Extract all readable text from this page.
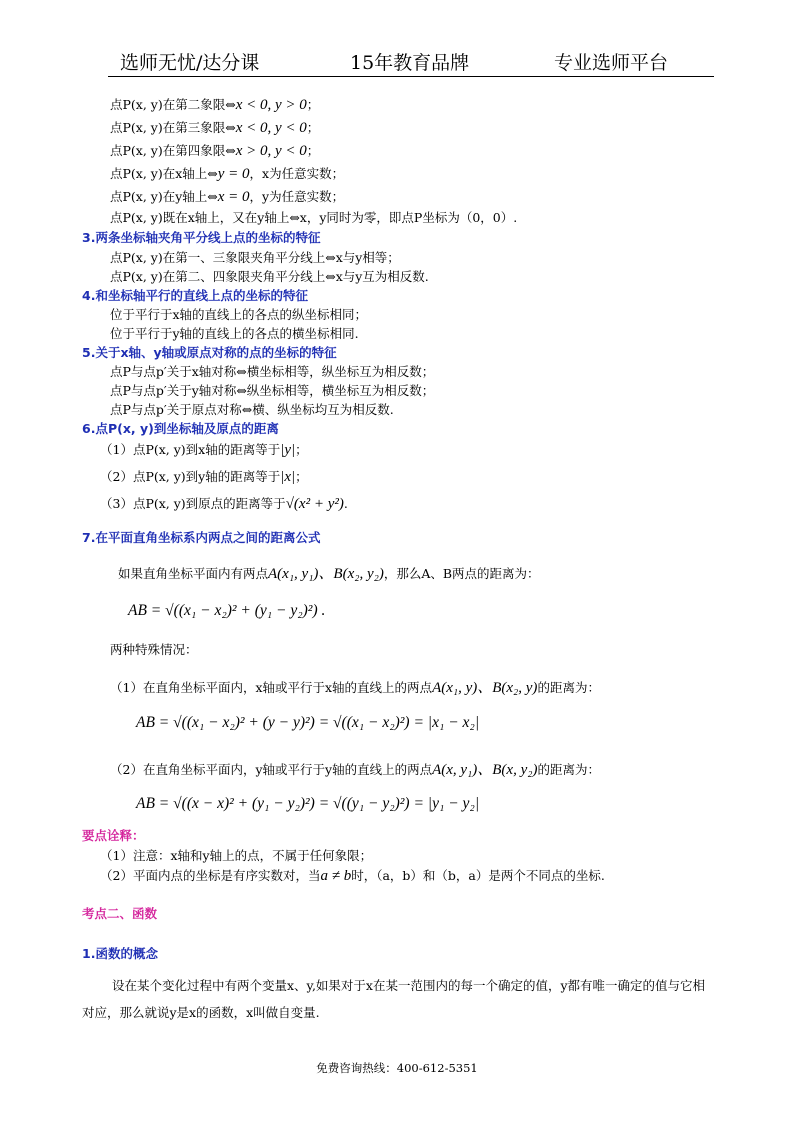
选师无忧/达分课	15年教育品牌	专业选师平台
点P(x, y)在第二象限⇔x < 0, y > 0；
点P(x, y)在第三象限⇔x < 0, y < 0；
点P(x, y)在第四象限⇔x > 0, y < 0；
点P(x, y)在x轴上⇔y = 0，x为任意实数；
点P(x, y)在y轴上⇔x = 0，y为任意实数；
点P(x, y)既在x轴上，又在y轴上⇔x，y同时为零，即点P坐标为（0，0）.
3.两条坐标轴夹角平分线上点的坐标的特征
点P(x, y)在第一、三象限夹角平分线上⇔x与y相等；
点P(x, y)在第二、四象限夹角平分线上⇔x与y互为相反数.
4.和坐标轴平行的直线上点的坐标的特征
位于平行于x轴的直线上的各点的纵坐标相同；
位于平行于y轴的直线上的各点的横坐标相同.
5.关于x轴、y轴或原点对称的点的坐标的特征
点P与点p′关于x轴对称⇔横坐标相等，纵坐标互为相反数；
点P与点p′关于y轴对称⇔纵坐标相等，横坐标互为相反数；
点P与点p′关于原点对称⇔横、纵坐标均互为相反数.
6.点P(x, y)到坐标轴及原点的距离
（1）点P(x, y)到x轴的距离等于|y|；
（2）点P(x, y)到y轴的距离等于|x|；
（3）点P(x, y)到原点的距离等于√(x² + y²).
7.在平面直角坐标系内两点之间的距离公式
如果直角坐标平面内有两点A(x₁, y₁)、B(x₂, y₂)，那么A、B两点的距离为：
AB = √((x₁ − x₂)² + (y₁ − y₂)²) .
两种特殊情况：
（1）在直角坐标平面内，x轴或平行于x轴的直线上的两点A(x₁, y)、B(x₂, y)的距离为：
AB = √((x₁ − x₂)² + (y − y)²) = √((x₁ − x₂)²) = |x₁ − x₂|
（2）在直角坐标平面内，y轴或平行于y轴的直线上的两点A(x, y₁)、B(x, y₂)的距离为：
AB = √((x − x)² + (y₁ − y₂)²) = √((y₁ − y₂)²) = |y₁ − y₂|
要点诠释：
（1）注意：x轴和y轴上的点，不属于任何象限；
（2）平面内点的坐标是有序实数对，当a ≠ b时，（a，b）和（b，a）是两个不同点的坐标.
考点二、函数
1.函数的概念
设在某个变化过程中有两个变量x、y,如果对于x在某一范围内的每一个确定的值，y都有唯一确定的值与它相对应，那么就说y是x的函数，x叫做自变量.
免费咨询热线：400-612-5351
